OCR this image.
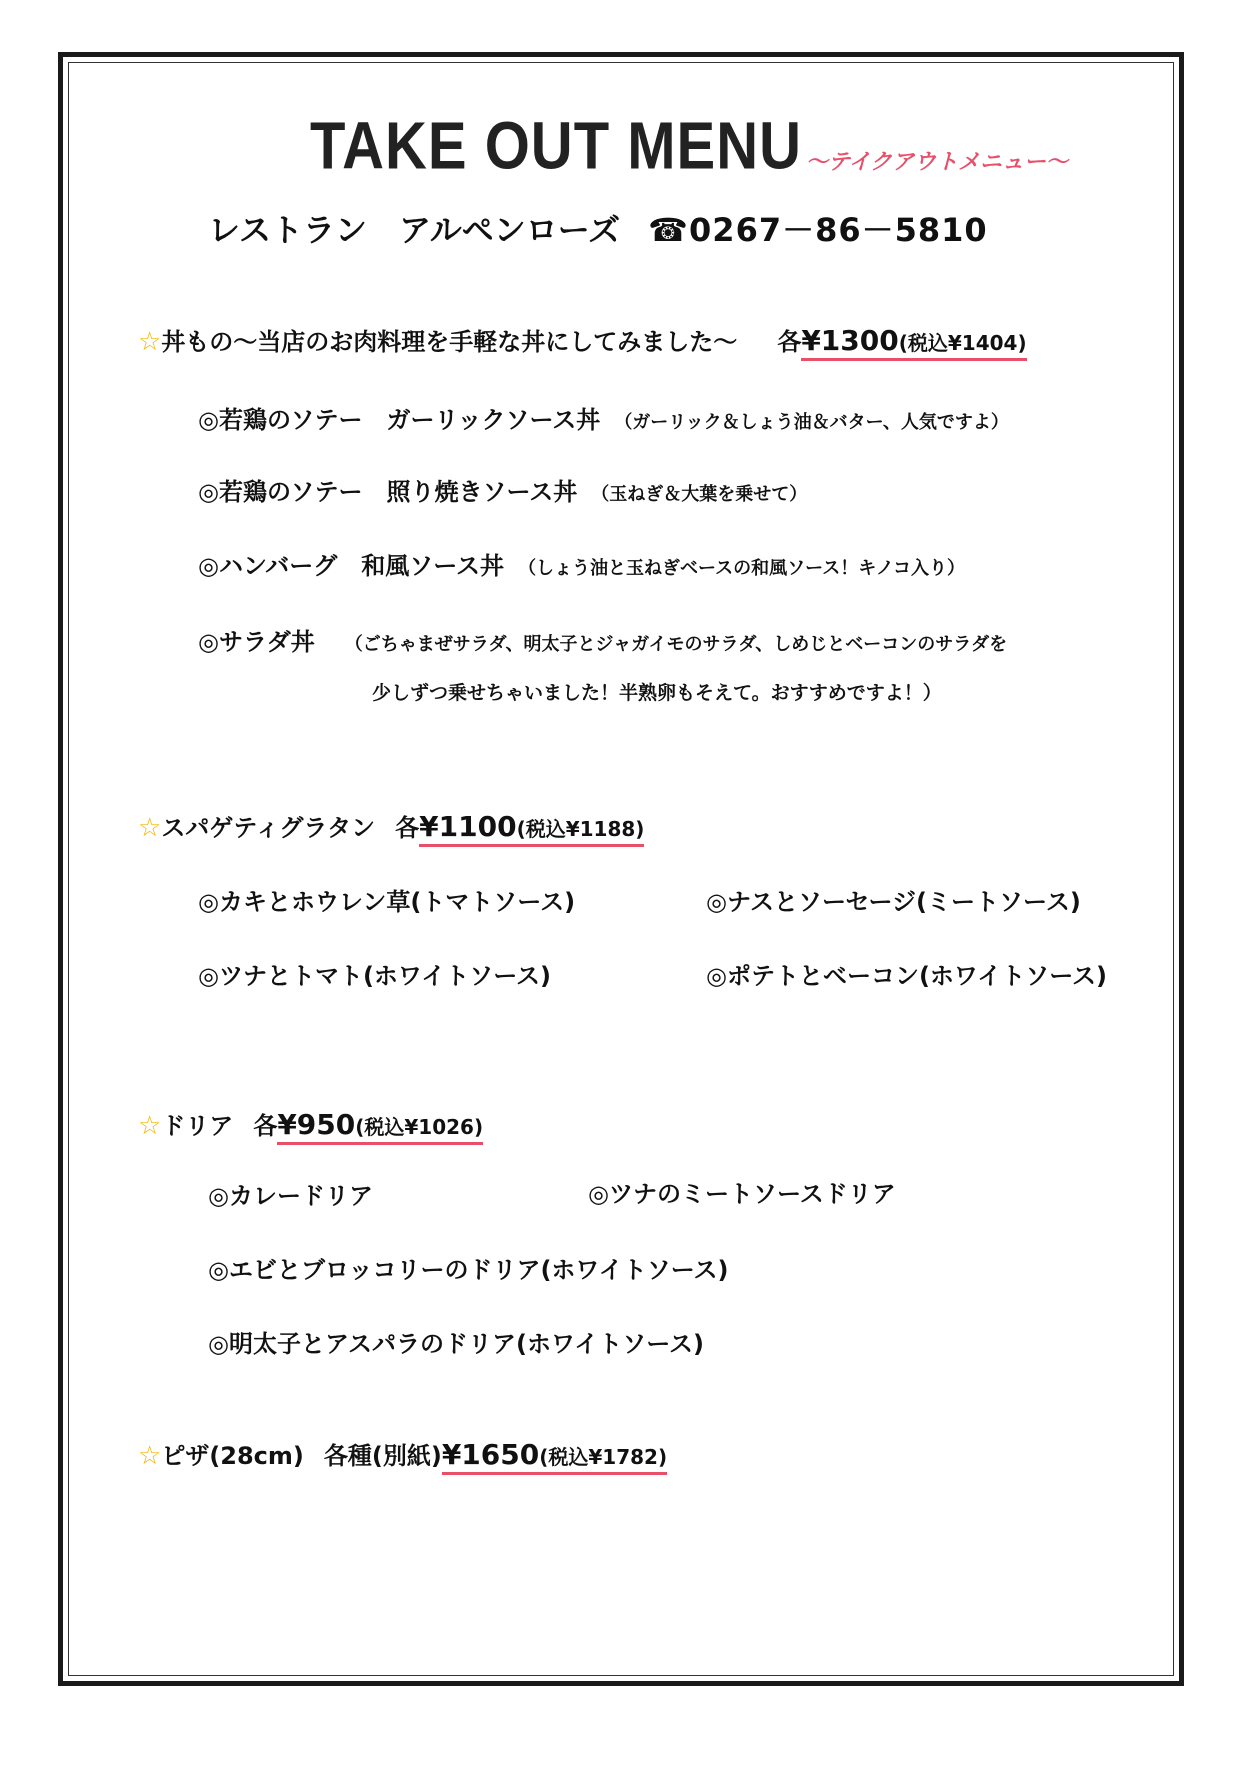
TAKE OUT MENU ～テイクアウトメニュー～
レストラン　アルペンローズ ☎0267－86－5810
☆丼もの～当店のお肉料理を手軽な丼にしてみました～ 各¥1300(税込¥1404)
◎若鶏のソテー　ガーリックソース丼 （ガーリック＆しょう油＆バター、人気ですよ）
◎若鶏のソテー　照り焼きソース丼 （玉ねぎ＆大葉を乗せて）
◎ハンバーグ　和風ソース丼 （しょう油と玉ねぎベースの和風ソース！キノコ入り）
◎サラダ丼 （ごちゃまぜサラダ、明太子とジャガイモのサラダ、しめじとベーコンのサラダを
少しずつ乗せちゃいました！半熟卵もそえて。おすすめですよ！）
☆スパゲティグラタン 各¥1100(税込¥1188)
◎カキとホウレン草(トマトソース)	◎ナスとソーセージ(ミートソース)
◎ツナとトマト(ホワイトソース)	◎ポテトとベーコン(ホワイトソース)
☆ドリア 各¥950(税込¥1026)
◎カレードリア	◎ツナのミートソースドリア
◎エビとブロッコリーのドリア(ホワイトソース)
◎明太子とアスパラのドリア(ホワイトソース)
☆ピザ(28cm) 各種(別紙)¥1650(税込¥1782)
